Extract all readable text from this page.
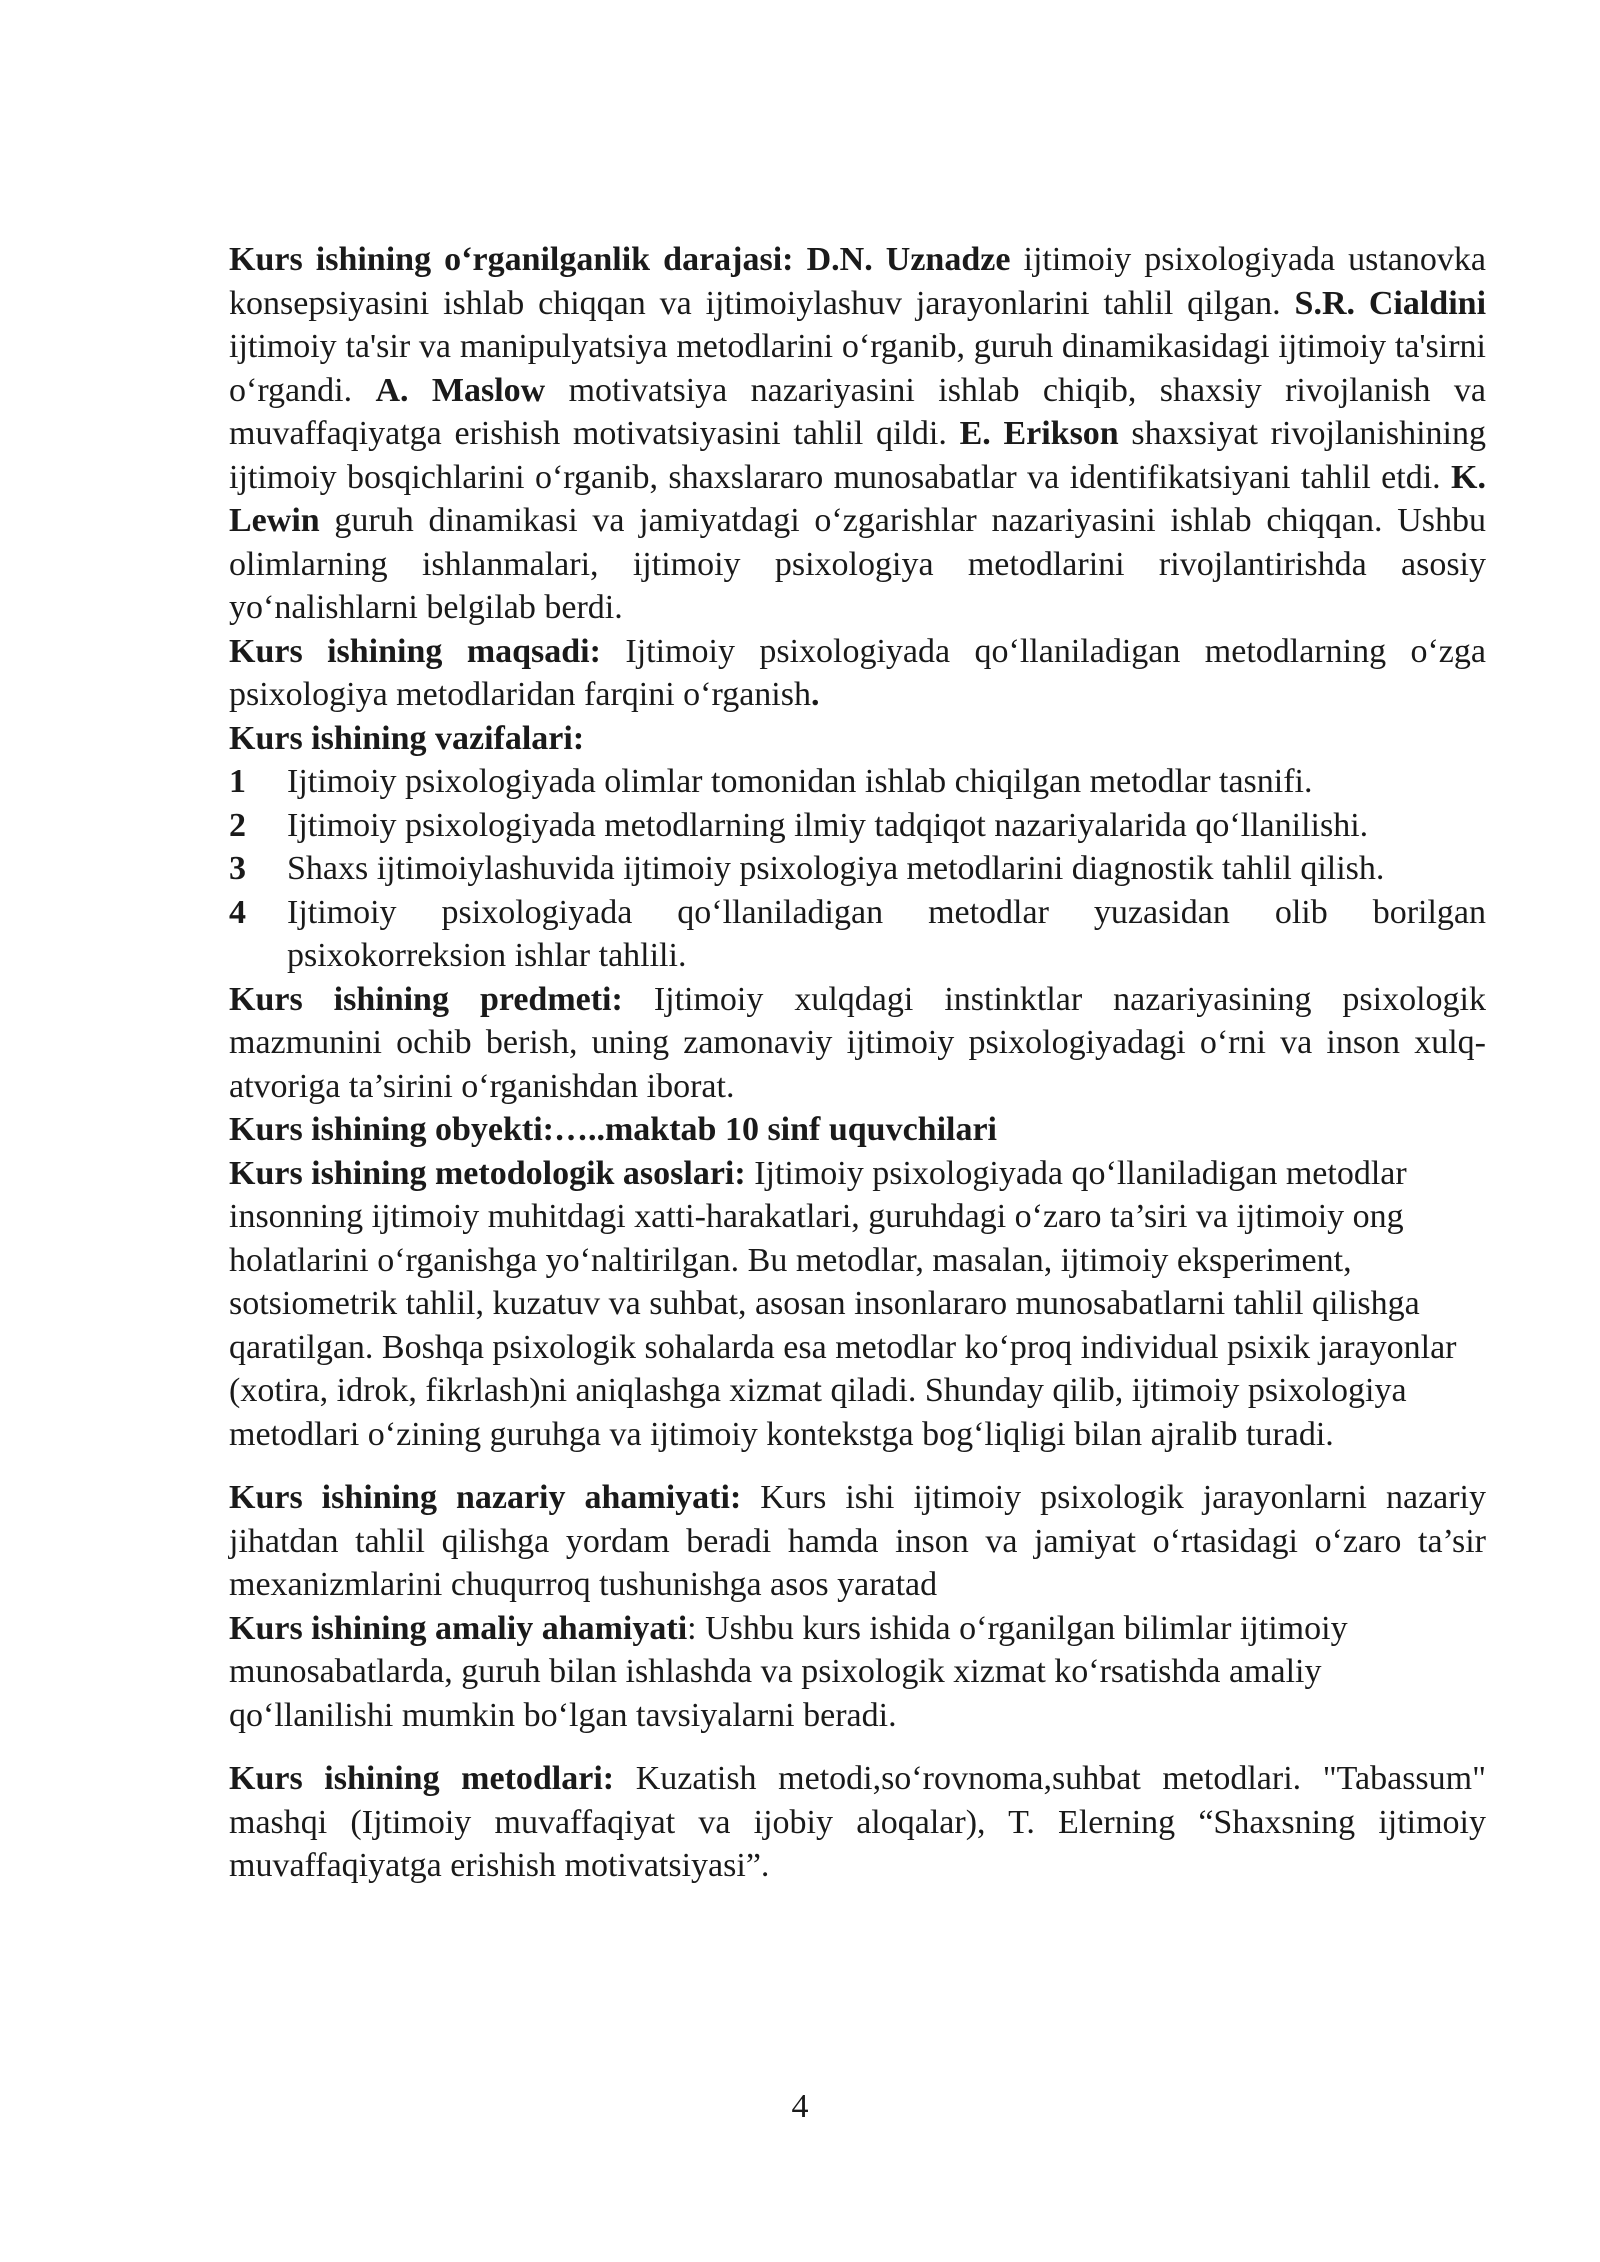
Kurs ishining o‘rganilganlik darajasi: D.N. Uznadze ijtimoiy psixologiyada ustanovka konsepsiyasini ishlab chiqqan va ijtimoiylashuv jarayonlarini tahlil qilgan. S.R. Cialdini ijtimoiy ta'sir va manipulyatsiya metodlarini o‘rganib, guruh dinamikasidagi ijtimoiy ta'sirni o‘rgandi. A. Maslow motivatsiya nazariyasini ishlab chiqib, shaxsiy rivojlanish va muvaffaqiyatga erishish motivatsiyasini tahlil qildi. E. Erikson shaxsiyat rivojlanishining ijtimoiy bosqichlarini o‘rganib, shaxslararo munosabatlar va identifikatsiyani tahlil etdi. K. Lewin guruh dinamikasi va jamiyatdagi o‘zgarishlar nazariyasini ishlab chiqqan. Ushbu olimlarning ishlanmalari, ijtimoiy psixologiya metodlarini rivojlantirishda asosiy yo‘nalishlarni belgilab berdi.

Kurs ishining maqsadi: Ijtimoiy psixologiyada qo‘llaniladigan metodlarning o‘zga psixologiya metodlaridan farqini o‘rganish.

Kurs ishining vazifalari:

1	Ijtimoiy psixologiyada olimlar tomonidan ishlab chiqilgan metodlar tasnifi.
2	Ijtimoiy psixologiyada metodlarning ilmiy tadqiqot nazariyalarida qo‘llanilishi.
3	Shaxs ijtimoiylashuvida ijtimoiy psixologiya metodlarini diagnostik tahlil qilish.
4	Ijtimoiy psixologiyada qo‘llaniladigan metodlar yuzasidan olib borilgan psixokorreksion ishlar tahlili.

Kurs ishining predmeti: Ijtimoiy xulqdagi instinktlar nazariyasining psixologik mazmunini ochib berish, uning zamonaviy ijtimoiy psixologiyadagi o‘rni va inson xulq-atvoriga ta’sirini o‘rganishdan iborat.

Kurs ishining obyekti:…..maktab 10 sinf uquvchilari

Kurs ishining metodologik asoslari: Ijtimoiy psixologiyada qo‘llaniladigan metodlar insonning ijtimoiy muhitdagi xatti-harakatlari, guruhdagi o‘zaro ta’siri va ijtimoiy ong holatlarini o‘rganishga yo‘naltirilgan. Bu metodlar, masalan, ijtimoiy eksperiment, sotsiometrik tahlil, kuzatuv va suhbat, asosan insonlararo munosabatlarni tahlil qilishga qaratilgan. Boshqa psixologik sohalarda esa metodlar ko‘proq individual psixik jarayonlar (xotira, idrok, fikrlash)ni aniqlashga xizmat qiladi. Shunday qilib, ijtimoiy psixologiya metodlari o‘zining guruhga va ijtimoiy kontekstga bog‘liqligi bilan ajralib turadi.

Kurs ishining nazariy ahamiyati: Kurs ishi ijtimoiy psixologik jarayonlarni nazariy jihatdan tahlil qilishga yordam beradi hamda inson va jamiyat o‘rtasidagi o‘zaro ta’sir mexanizmlarini chuqurroq tushunishga asos yaratad

Kurs ishining amaliy ahamiyati: Ushbu kurs ishida o‘rganilgan bilimlar ijtimoiy munosabatlarda, guruh bilan ishlashda va psixologik xizmat ko‘rsatishda amaliy qo‘llanilishi mumkin bo‘lgan tavsiyalarni beradi.

Kurs ishining metodlari: Kuzatish metodi,so‘rovnoma,suhbat metodlari. "Tabassum" mashqi (Ijtimoiy muvaffaqiyat va ijobiy aloqalar), T. Elerning “Shaxsning ijtimoiy muvaffaqiyatga erishish motivatsiyasi”.

4
